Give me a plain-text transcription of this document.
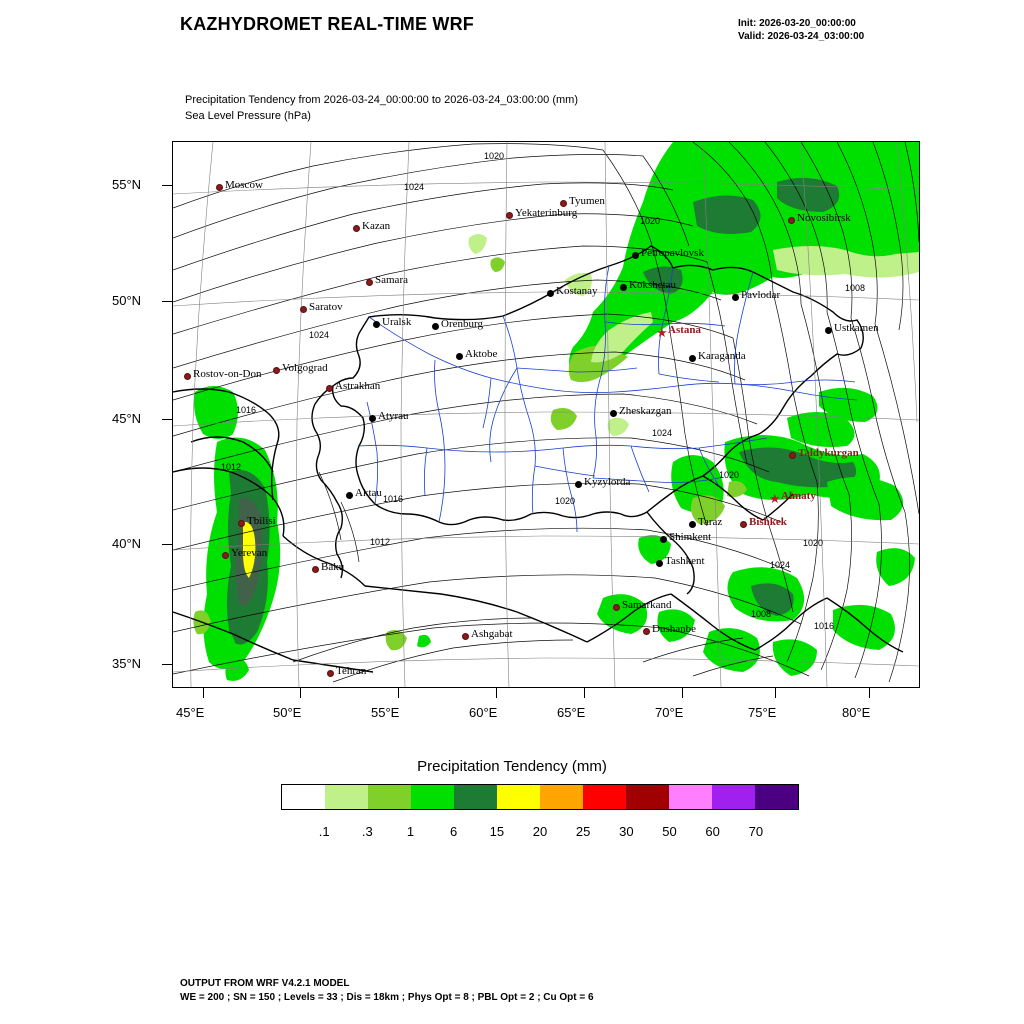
KAZHYDROMET REAL-TIME WRF	Init: 2026-03-20_00:00:00
Valid: 2026-03-24_03:00:00
Precipitation Tendency from 2026-03-24_00:00:00 to 2026-03-24_03:00:00 (mm)
Sea Level Pressure (hPa)
Moscow
Kazan
Yekaterinburg
Tyumen
Novosibirsk
Samara
Petropavlovsk
Kostanay	Kokshetau
Pavlodar
Saratov
Uralsk	Orenburg
★ Astana	Ustkamen
Karaganda
Aktobe
Volgograd
Rostov-on-Don
Astrakhan
Atyrau	Zheskazgan
Taldykurgan
Aktau
Kyzylorda
★ Almaty
Tbilisi
Yerevan
Baku
Taraz Bishkek
Shimkent
Tashkent
Ashgabat
Samarkand
Dushanbe
Tehran
1020
1024
1020
1008
1024
1016
1024
1012
1020
1016	1020
1012	1020
1024
1008
1016
55°N
50°N
45°N
40°N
35°N
45°E	50°E	55°E	60°E	65°E	70°E	75°E	80°E
Precipitation Tendency (mm)
.1 .3	1	6 15 20 25 30 50 60 70
OUTPUT FROM WRF V4.2.1 MODEL
WE = 200 ; SN = 150 ; Levels = 33 ; Dis = 18km ; Phys Opt = 8 ; PBL Opt = 2 ; Cu Opt = 6
